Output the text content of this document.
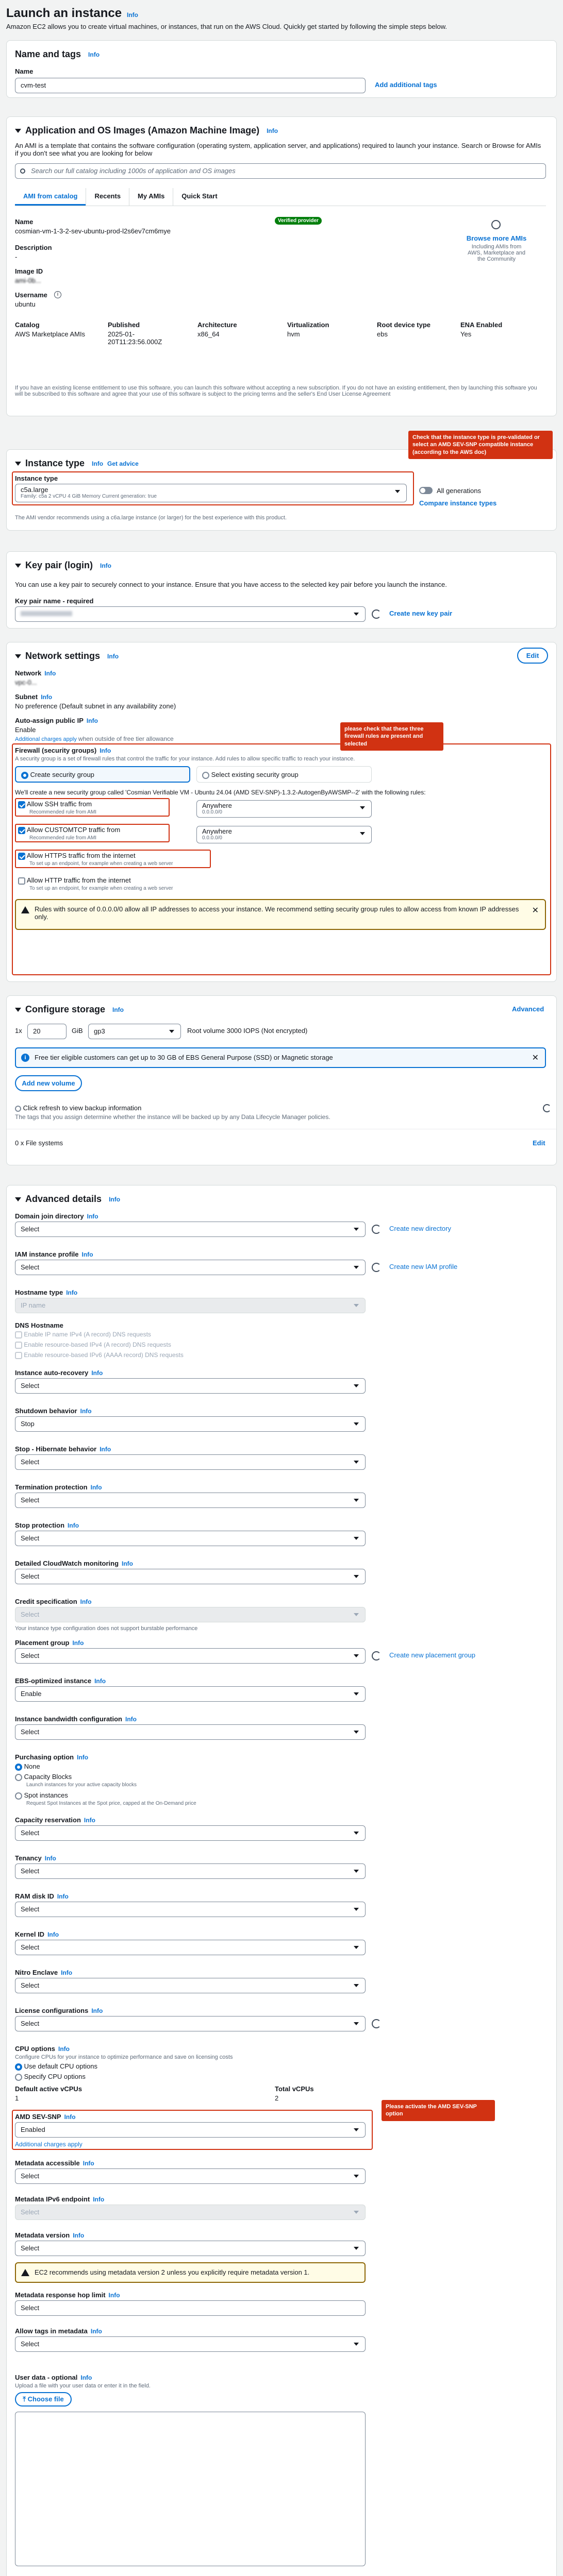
Launch an instance Info
Amazon EC2 allows you to create virtual machines, or instances, that run on the AWS Cloud. Quickly get started by following the simple steps below.
Name and tags Info
Name
cvm-test	Add additional tags
Application and OS Images (Amazon Machine Image) Info
An AMI is a template that contains the software configuration (operating system, application server, and applications) required to launch your instance. Search or Browse for AMIs if you don't see what you are looking for below
Search our full catalog including 1000s of application and OS images
AMI from catalog	Recents	My AMIs	Quick Start
Name
cosmian-vm-1-3-2-sev-ubuntu-prod-l2s6ev7cm6mye
Verified provider
Browse more AMIs
Including AMIs from AWS, Marketplace and the Community
Description
-
Image ID
ami-0b...
Username	i
ubuntu
Catalog
AWS Marketplace AMIs
Published
2025-01-20T11:23:56.000Z
Architecture
x86_64
Virtualization
hvm
Root device type
ebs
ENA Enabled
Yes
If you have an existing license entitlement to use this software, you can launch this software without accepting a new subscription. If you do not have an existing entitlement, then by launching this software you will be subscribed to this software and agree that your use of this software is subject to the pricing terms and the seller's End User License Agreement
Instance type Info Get advice
Instance type
c5a.large
Family: c5a 2 vCPU 4 GiB Memory Current generation: true
All generations
Compare instance types
The AMI vendor recommends using a c6a.large instance (or larger) for the best experience with this product.
Check that the instance type is pre-validated or select an AMD SEV-SNP compatible instance (according to the AWS doc)
Key pair (login) Info
You can use a key pair to securely connect to your instance. Ensure that you have access to the selected key pair before you launch the instance.
Key pair name - required
Create new key pair
Network settings Info	Edit
Network Info
vpc-0...
Subnet Info
No preference (Default subnet in any availability zone)
Auto-assign public IP Info
Enable
Additional charges apply when outside of free tier allowance
Firewall (security groups) Info
A security group is a set of firewall rules that control the traffic for your instance. Add rules to allow specific traffic to reach your instance.
Create security group	Select existing security group
We'll create a new security group called 'Cosmian Verifiable VM - Ubuntu 24.04 (AMD SEV-SNP)-1.3.2-AutogenByAWSMP--2' with the following rules:
Allow SSH traffic from
Recommended rule from AMI
Anywhere
0.0.0.0/0
Allow CUSTOMTCP traffic from
Recommended rule from AMI
Anywhere
0.0.0.0/0
Allow HTTPS traffic from the internet
To set up an endpoint, for example when creating a web server
Allow HTTP traffic from the internet
To set up an endpoint, for example when creating a web server
Rules with source of 0.0.0.0/0 allow all IP addresses to access your instance. We recommend setting security group rules to allow access from known IP addresses only.
✕
please check that these three firewall rules are present and selected
Configure storage Info	Advanced
1x	20	GiB	gp3	Root volume 3000 IOPS (Not encrypted)
i	Free tier eligible customers can get up to 30 GB of EBS General Purpose (SSD) or Magnetic storage	✕
Add new volume
Click refresh to view backup information
The tags that you assign determine whether the instance will be backed up by any Data Lifecycle Manager policies.
0 x File systems	Edit
Advanced details Info
Domain join directory Info
Select	Create new directory
IAM instance profile Info
Select	Create new IAM profile
Hostname type Info
IP name
DNS Hostname
Enable IP name IPv4 (A record) DNS requests
Enable resource-based IPv4 (A record) DNS requests
Enable resource-based IPv6 (AAAA record) DNS requests
Instance auto-recovery Info
Select
Shutdown behavior Info
Stop
Stop - Hibernate behavior Info
Select
Termination protection Info
Select
Stop protection Info
Select
Detailed CloudWatch monitoring Info
Select
Credit specification Info
Select
Your instance type configuration does not support burstable performance
Placement group Info
Select	Create new placement group
EBS-optimized instance Info
Enable
Instance bandwidth configuration Info
Select
Purchasing option Info
None
Capacity Blocks
Launch instances for your active capacity blocks
Spot instances
Request Spot Instances at the Spot price, capped at the On-Demand price
Capacity reservation Info
Select
Tenancy Info
Select
RAM disk ID Info
Select
Kernel ID Info
Select
Nitro Enclave Info
Select
License configurations Info
Select
CPU options Info
Configure CPUs for your instance to optimize performance and save on licensing costs
Use default CPU options
Specify CPU options
Default active vCPUs
1
Total vCPUs
2
AMD SEV-SNP Info
Enabled
Additional charges apply
Metadata accessible Info
Select
Metadata IPv6 endpoint Info
Select
Metadata version Info
Select
EC2 recommends using metadata version 2 unless you explicitly require metadata version 1.
Metadata response hop limit Info
Select
Allow tags in metadata Info
Select
User data - optional Info
Upload a file with your user data or enter it in the field.
⤒ Choose file
Please activate the AMD SEV-SNP option
